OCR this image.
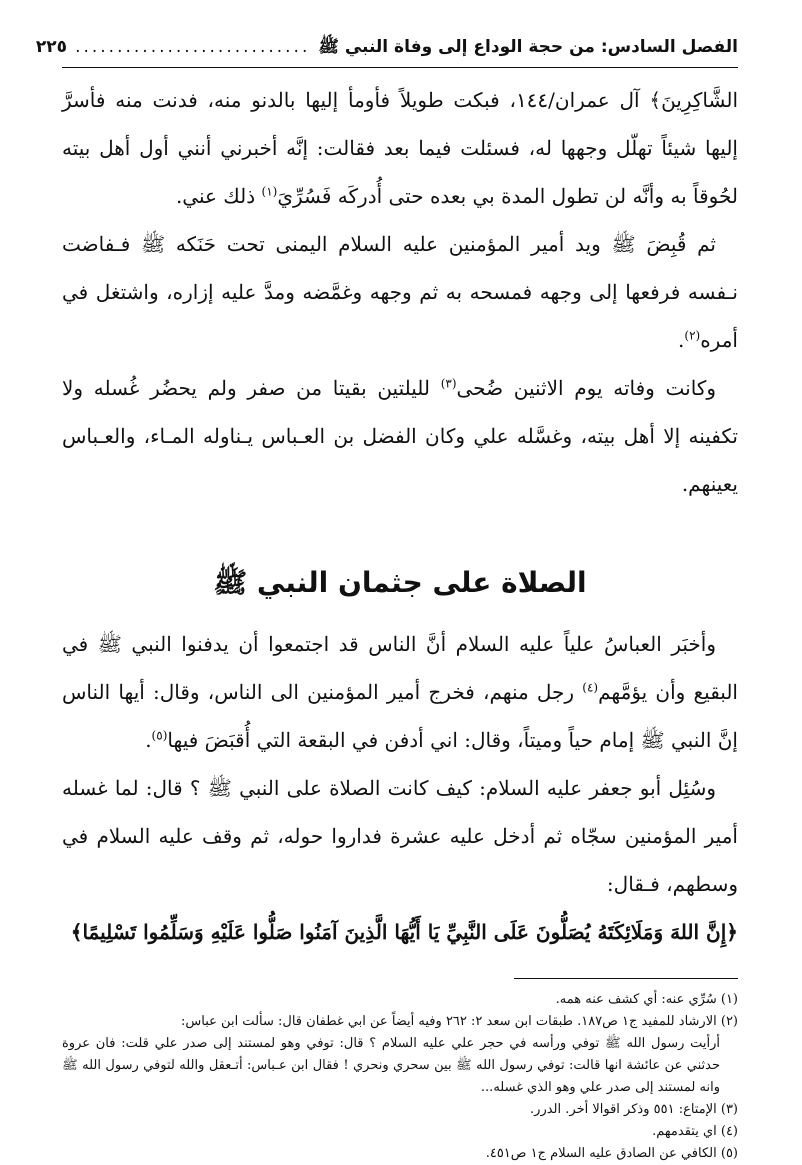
الفصل السادس: من حجة الوداع إلى وفاة النبي ﷺ
............................
٢٢٥

الشَّاكِرِينَ﴾ آل عمران/١٤٤، فبكت طويلاً فأومأ إليها بالدنو منه، فدنت منه فأسرَّ إليها شيئاً تهلّل وجهها له، فسئلت فيما بعد فقالت: إنَّه أخبرني أنني أول أهل بيته لحُوقاً به وأنَّه لن تطول المدة بي بعده حتى أُدركَه فَسُرِّيَ$^{(١)}$ ذلك عني.

ثم قُبِضَ ﷺ ويد أمير المؤمنين عليه السلام اليمنى تحت حَنَكه ﷺ فـفاضت نـفسه فرفعها إلى وجهه فمسحه به ثم وجهه وغمَّضه ومدَّ عليه إزاره، واشتغل في أمره$^{(٢)}$.

وكانت وفاته يوم الاثنين ضُحى$^{(٣)}$ لليلتين بقيتا من صفر ولم يحضُر غُسله ولا تكفينه إلا أهل بيته، وغسَّله علي وكان الفضل بن العـباس يـناوله المـاء، والعـباس يعينهم.

الصلاة على جثمان النبي ﷺ

وأخبَر العباسُ علياً عليه السلام أنَّ الناس قد اجتمعوا أن يدفنوا النبي ﷺ في البقيع وأن يؤمَّهم$^{(٤)}$ رجل منهم، فخرج أمير المؤمنين الى الناس، وقال: أيها الناس إنَّ النبي ﷺ إمام حياً وميتاً، وقال: اني أدفن في البقعة التي أُقبَضَ فيها$^{(٥)}$.

وسُئِل أبو جعفر عليه السلام: كيف كانت الصلاة على النبي ﷺ ؟ قال: لما غسله أمير المؤمنين سجّاه ثم أدخل عليه عشرة فداروا حوله، ثم وقف عليه السلام في وسطهم، فـقال:

﴿إِنَّ اللهَ وَمَلَائِكَتَهُ يُصَلُّونَ عَلَى النَّبِيِّ يَا أَيُّهَا الَّذِينَ آمَنُوا صَلُّوا عَلَيْهِ وَسَلِّمُوا تَسْلِيمًا﴾

(١) سُرِّي عنه: أي كشف عنه همه.

(٢) الارشاد للمفيد ج١ ص١٨٧. طبقات ابن سعد ٢: ٢٦٢ وفيه أيضاً عن ابي غطفان قال: سألت ابن عباس:

أرأيت رسول الله ﷺ توفي ورأسه في حجر علي عليه السلام ؟ قال: توفي وهو لمستند إلى صدر علي قلت: فان عروة حدثني عن عائشة انها قالت: توفي رسول الله ﷺ بين سحري ونحري ! فقال ابن عـباس: أتـعقل والله لتوفي رسول الله ﷺ وانه لمستند إلى صدر علي وهو الذي غسله...

(٣) الإمتاع: ٥٥١ وذكر اقوالا أخر. الدرر.

(٤) اي يتقدمهم.

(٥) الكافي عن الصادق عليه السلام ج١ ص٤٥١.
